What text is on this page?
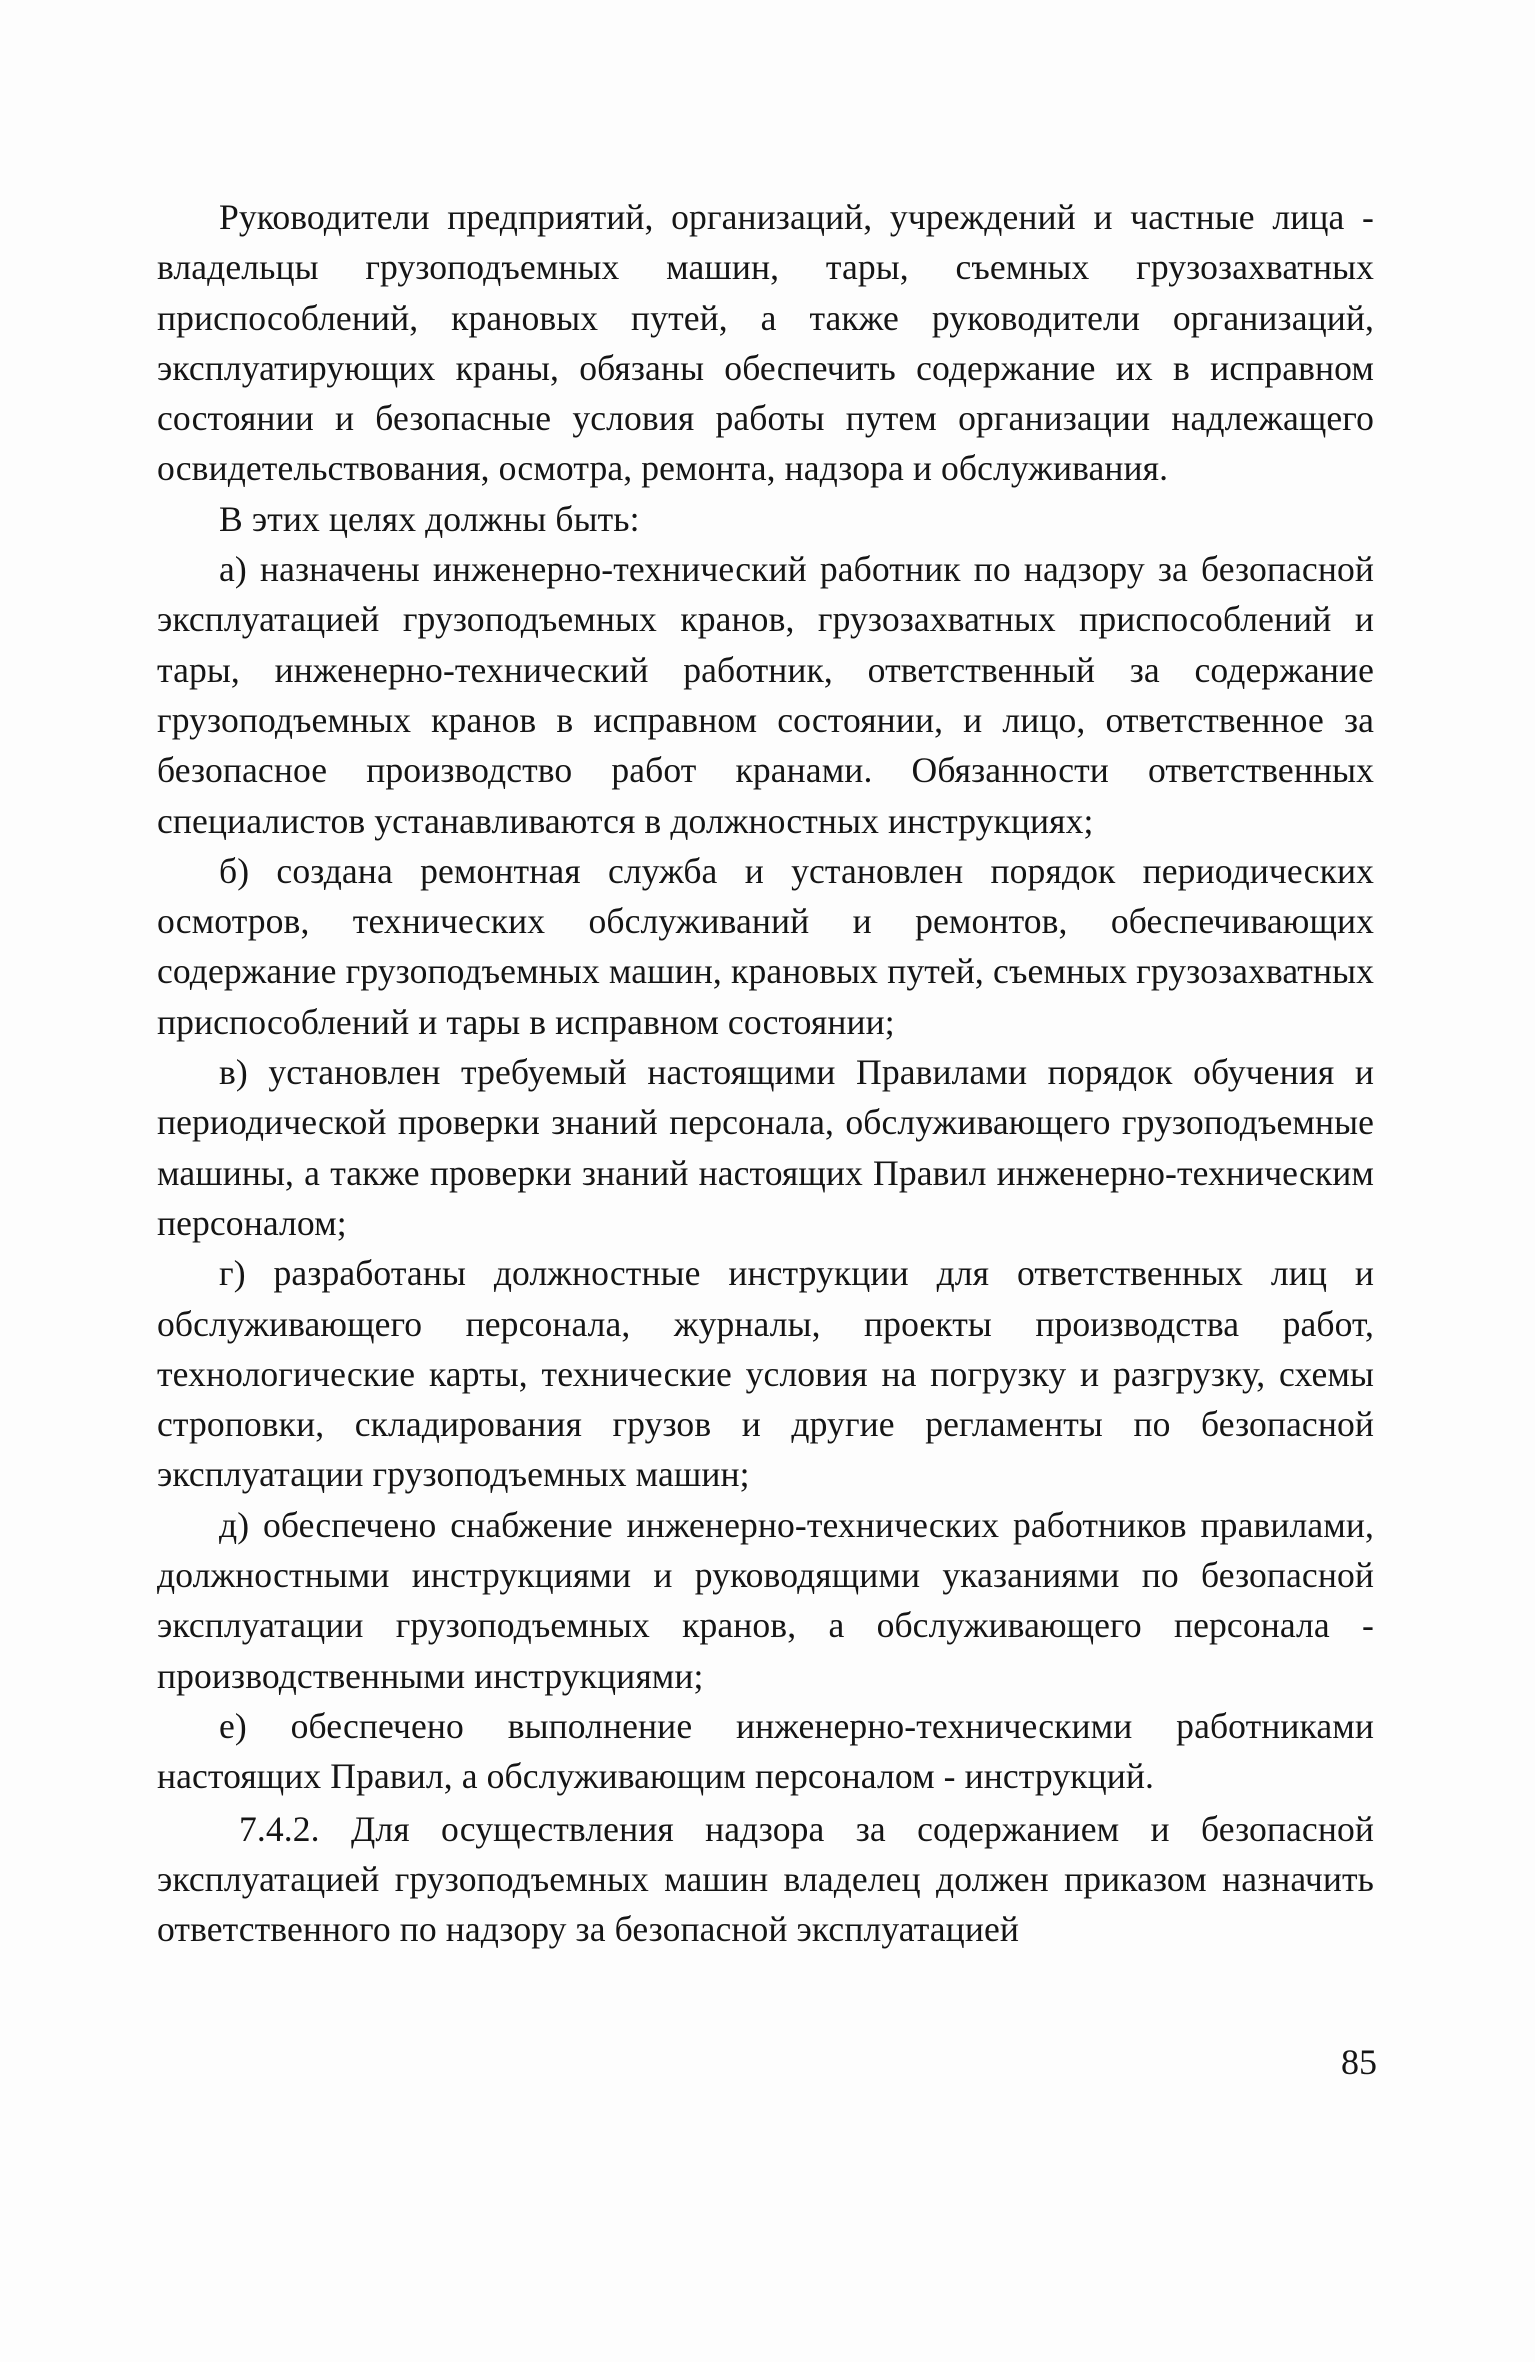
Руководители предприятий, организаций, учреждений и частные лица - владельцы грузоподъемных машин, тары, съемных грузозахватных приспособлений, крановых путей, а также руководители организаций, эксплуатирующих краны, обязаны обеспечить содержание их в исправном состоянии и безопасные условия работы путем организации надлежащего освидетельствования, осмотра, ремонта, надзора и обслуживания.

В этих целях должны быть:

а) назначены инженерно-технический работник по надзору за безопасной эксплуатацией грузоподъемных кранов, грузозахватных приспособлений и тары, инженерно-технический работник, ответственный за содержание грузоподъемных кранов в исправном состоянии, и лицо, ответственное за безопасное производство работ кранами. Обязанности ответственных специалистов устанавливаются в должностных инструкциях;

б) создана ремонтная служба и установлен порядок периодических осмотров, технических обслуживаний и ремонтов, обеспечивающих содержание грузоподъемных машин, крановых путей, съемных грузозахватных приспособлений и тары в исправном состоянии;

в) установлен требуемый настоящими Правилами порядок обучения и периодической проверки знаний персонала, обслуживающего грузоподъемные машины, а также проверки знаний настоящих Правил инженерно-техническим персоналом;

г) разработаны должностные инструкции для ответственных лиц и обслуживающего персонала, журналы, проекты производства работ, технологические карты, технические условия на погрузку и разгрузку, схемы строповки, складирования грузов и другие регламенты по безопасной эксплуатации грузоподъемных машин;

д) обеспечено снабжение инженерно-технических работников правилами, должностными инструкциями и руководящими указаниями по безопасной эксплуатации грузоподъемных кранов, а обслуживающего персонала - производственными инструкциями;

е) обеспечено выполнение инженерно-техническими работниками настоящих Правил, а обслуживающим персоналом - инструкций.

7.4.2. Для осуществления надзора за содержанием и безопасной эксплуатацией грузоподъемных машин владелец должен приказом назначить ответственного по надзору за безопасной эксплуатацией

85
